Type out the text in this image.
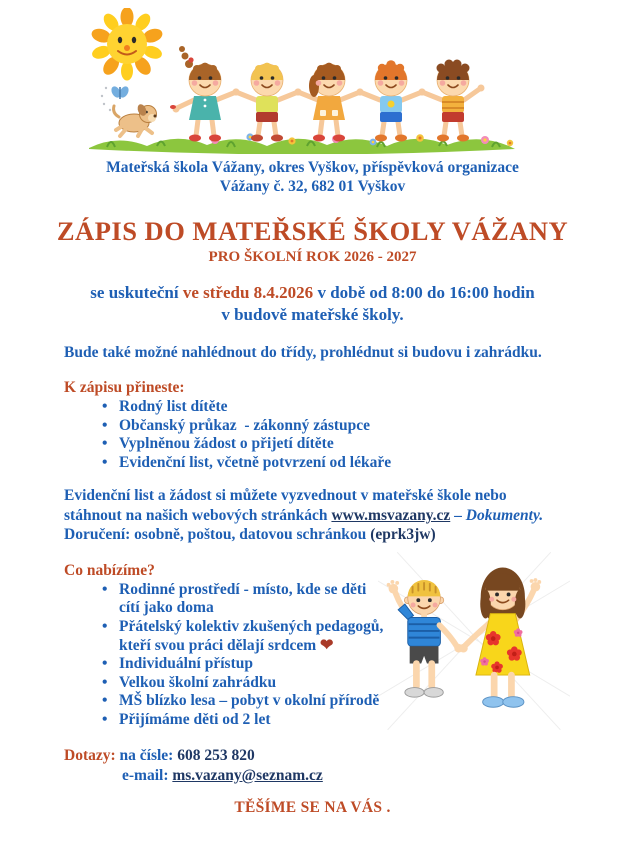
Mateřská škola Vážany, okres Vyškov, příspěvková organizace
Vážany č. 32, 682 01 Vyškov
ZÁPIS DO MATEŘSKÉ ŠKOLY VÁŽANY
PRO ŠKOLNÍ ROK 2026 - 2027

se uskuteční ve středu 8.4.2026 v době od 8:00 do 16:00 hodin
v budově mateřské školy.

Bude také možné nahlédnout do třídy, prohlédnut si budovu i zahrádku.

K zápisu přineste:
• Rodný list dítěte
• Občanský průkaz  - zákonný zástupce
• Vyplněnou žádost o přijetí dítěte
• Evidenční list, včetně potvrzení od lékaře

Evidenční list a žádost si můžete vyzvednout v mateřské škole nebo
stáhnout na našich webových stránkách www.msvazany.cz – Dokumenty.
Doručení: osobně, poštou, datovou schránkou (eprk3jw)

Co nabízíme?
• Rodinné prostředí - místo, kde se děti
cítí jako doma
• Přátelský kolektiv zkušených pedagogů,
kteří svou práci dělají srdcem ❤
• Individuální přístup
• Velkou školní zahrádku
• MŠ blízko lesa – pobyt v okolní přírodě
• Přijímáme děti od 2 let
Dotazy: na čísle: 608 253 820
e-mail: ms.vazany@seznam.cz
TĚŠÍME SE NA VÁS .
